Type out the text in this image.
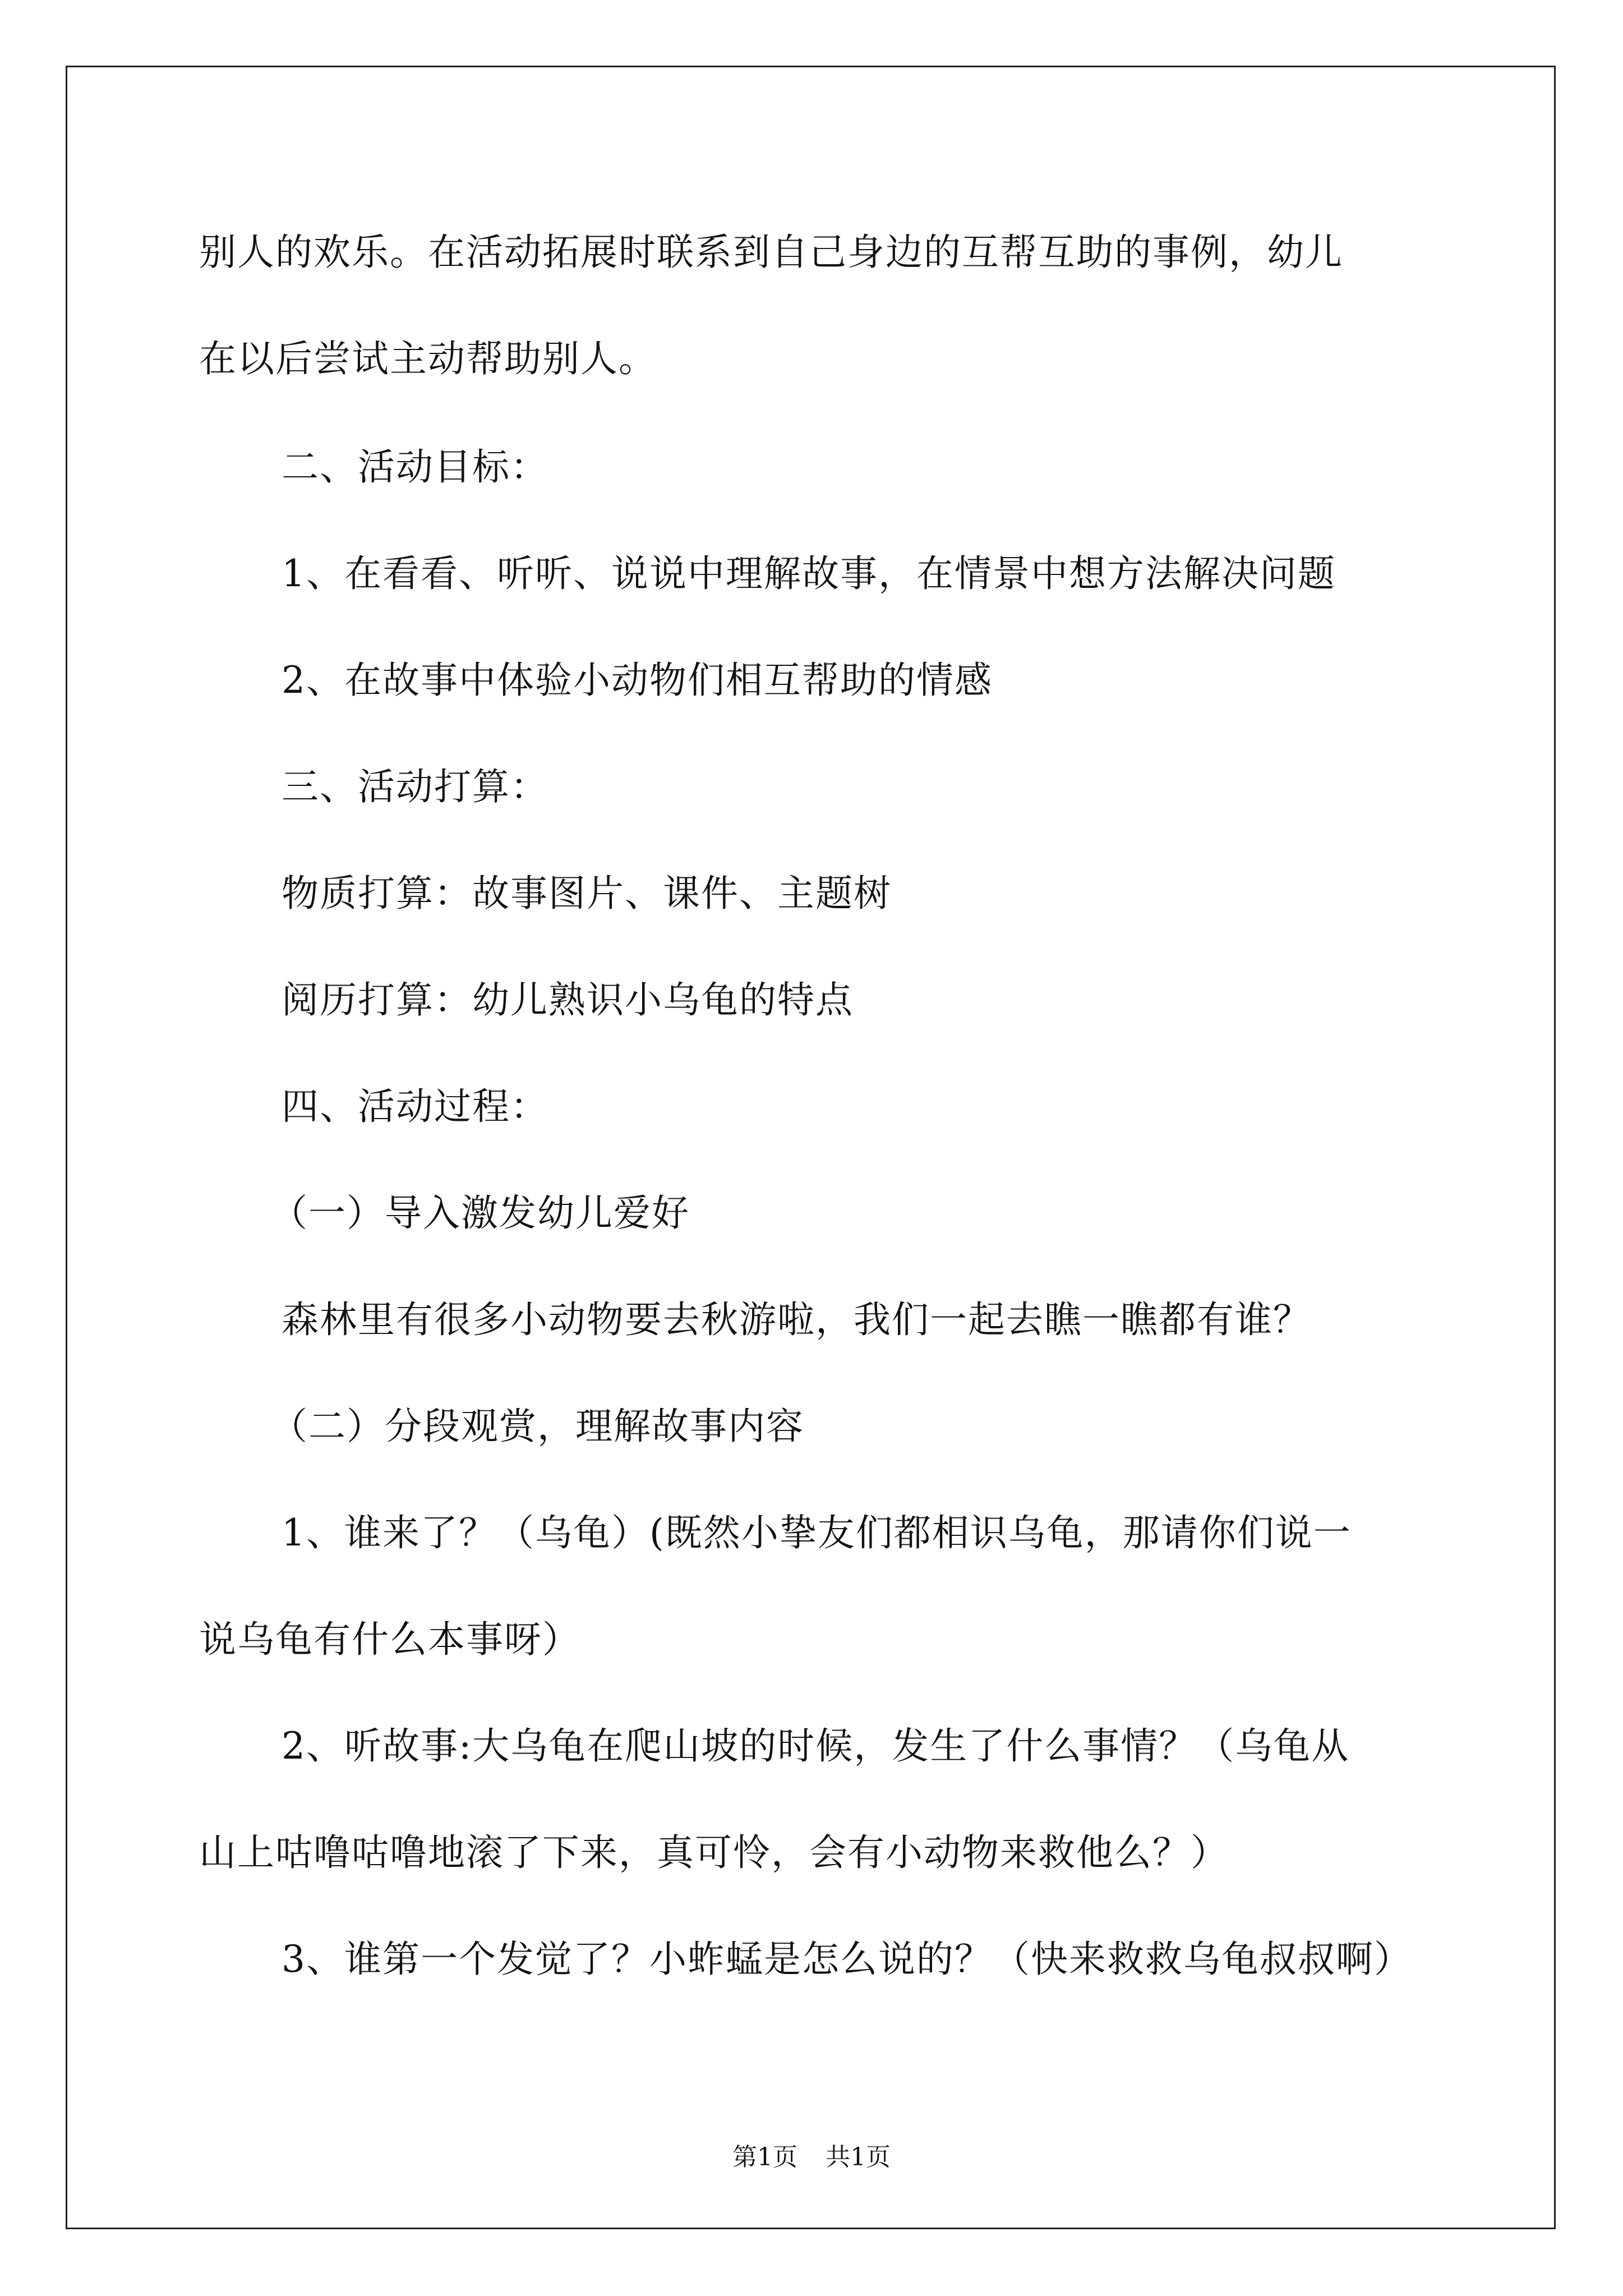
别人的欢乐。在活动拓展时联系到自己身边的互帮互助的事例，幼儿
在以后尝试主动帮助别人。
二、活动目标：
1、在看看、听听、说说中理解故事，在情景中想方法解决问题
2、在故事中体验小动物们相互帮助的情感
三、活动打算：
物质打算：故事图片、课件、主题树
阅历打算：幼儿熟识小乌龟的特点
四、活动过程：
（一）导入激发幼儿爱好
森林里有很多小动物要去秋游啦，我们一起去瞧一瞧都有谁？
（二）分段观赏，理解故事内容
1、谁来了？（乌龟）(既然小挚友们都相识乌龟，那请你们说一
说乌龟有什么本事呀）
2、听故事:大乌龟在爬山坡的时候，发生了什么事情？（乌龟从
山上咕噜咕噜地滚了下来，真可怜，会有小动物来救他么？）
3、谁第一个发觉了？小蚱蜢是怎么说的？（快来救救乌龟叔叔啊）
第1页 共1页
